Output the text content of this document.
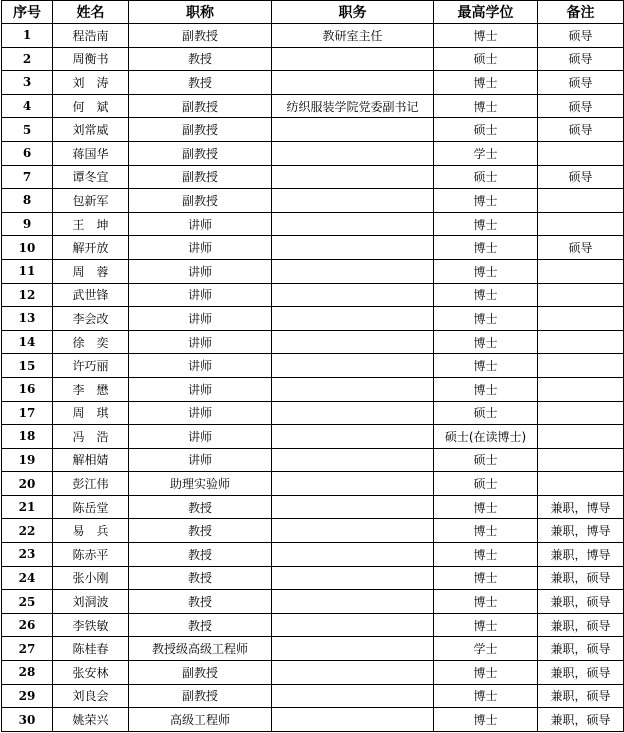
序号	姓名	职称	职务	最高学位	备注
1	程浩南	副教授	教研室主任	博士	硕导
2	周衡书	教授		硕士	硕导
3	刘　涛	教授		博士	硕导
4	何　斌	副教授	纺织服装学院党委副书记	博士	硕导
5	刘常威	副教授		硕士	硕导
6	蒋国华	副教授		学士	
7	谭冬宜	副教授		硕士	硕导
8	包新军	副教授		博士	
9	王　坤	讲师		博士	
10	解开放	讲师		博士	硕导
11	周　蓉	讲师		博士	
12	武世锋	讲师		博士	
13	李会改	讲师		博士	
14	徐　奕	讲师		博士	
15	许巧丽	讲师		博士	
16	李　懋	讲师		博士	
17	周　琪	讲师		硕士	
18	冯　浩	讲师		硕士(在读博士)	
19	解相婧	讲师		硕士	
20	彭江伟	助理实验师		硕士	
21	陈岳堂	教授		博士	兼职，博导
22	易　兵	教授		博士	兼职，博导
23	陈赤平	教授		博士	兼职，博导
24	张小刚	教授		博士	兼职，硕导
25	刘洞波	教授		博士	兼职，硕导
26	李铁敏	教授		博士	兼职，硕导
27	陈桂春	教授级高级工程师		学士	兼职，硕导
28	张安林	副教授		博士	兼职，硕导
29	刘良会	副教授		博士	兼职，硕导
30	姚荣兴	高级工程师		博士	兼职，硕导
